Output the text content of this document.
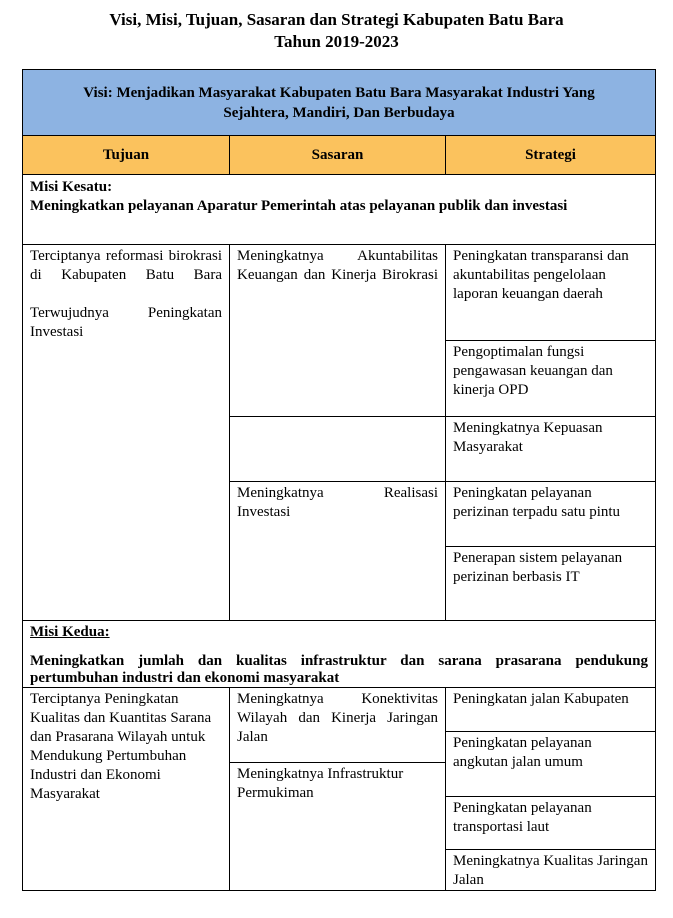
Visi, Misi, Tujuan, Sasaran dan Strategi Kabupaten Batu Bara
Tahun 2019-2023
Visi: Menjadikan Masyarakat Kabupaten Batu Bara Masyarakat Industri Yang
Sejahtera, Mandiri, Dan Berbudaya
Tujuan	Sasaran	Strategi
Misi Kesatu:
Meningkatkan pelayanan Aparatur Pemerintah atas pelayanan publik dan investasi

Terciptanya reformasi birokrasi di Kabupaten Batu Bara

Terwujudnya Peningkatan Investasi

Meningkatnya Akuntabilitas Keuangan dan Kinerja Birokrasi

Meningkatnya Realisasi Investasi

Peningkatan transparansi dan akuntabilitas pengelolaan laporan keuangan daerah

Pengoptimalan fungsi pengawasan keuangan dan kinerja OPD

Meningkatnya Kepuasan Masyarakat

Peningkatan pelayanan perizinan terpadu satu pintu

Penerapan sistem pelayanan perizinan berbasis IT

Misi Kedua:
Meningkatkan jumlah dan kualitas infrastruktur dan sarana prasarana pendukung pertumbuhan industri dan ekonomi masyarakat

Terciptanya Peningkatan Kualitas dan Kuantitas Sarana dan Prasarana Wilayah untuk Mendukung Pertumbuhan Industri dan Ekonomi Masyarakat

Meningkatnya Konektivitas Wilayah dan Kinerja Jaringan Jalan

Meningkatnya Infrastruktur Permukiman

Peningkatan jalan Kabupaten

Peningkatan pelayanan angkutan jalan umum

Peningkatan pelayanan transportasi laut

Meningkatnya Kualitas Jaringan Jalan
